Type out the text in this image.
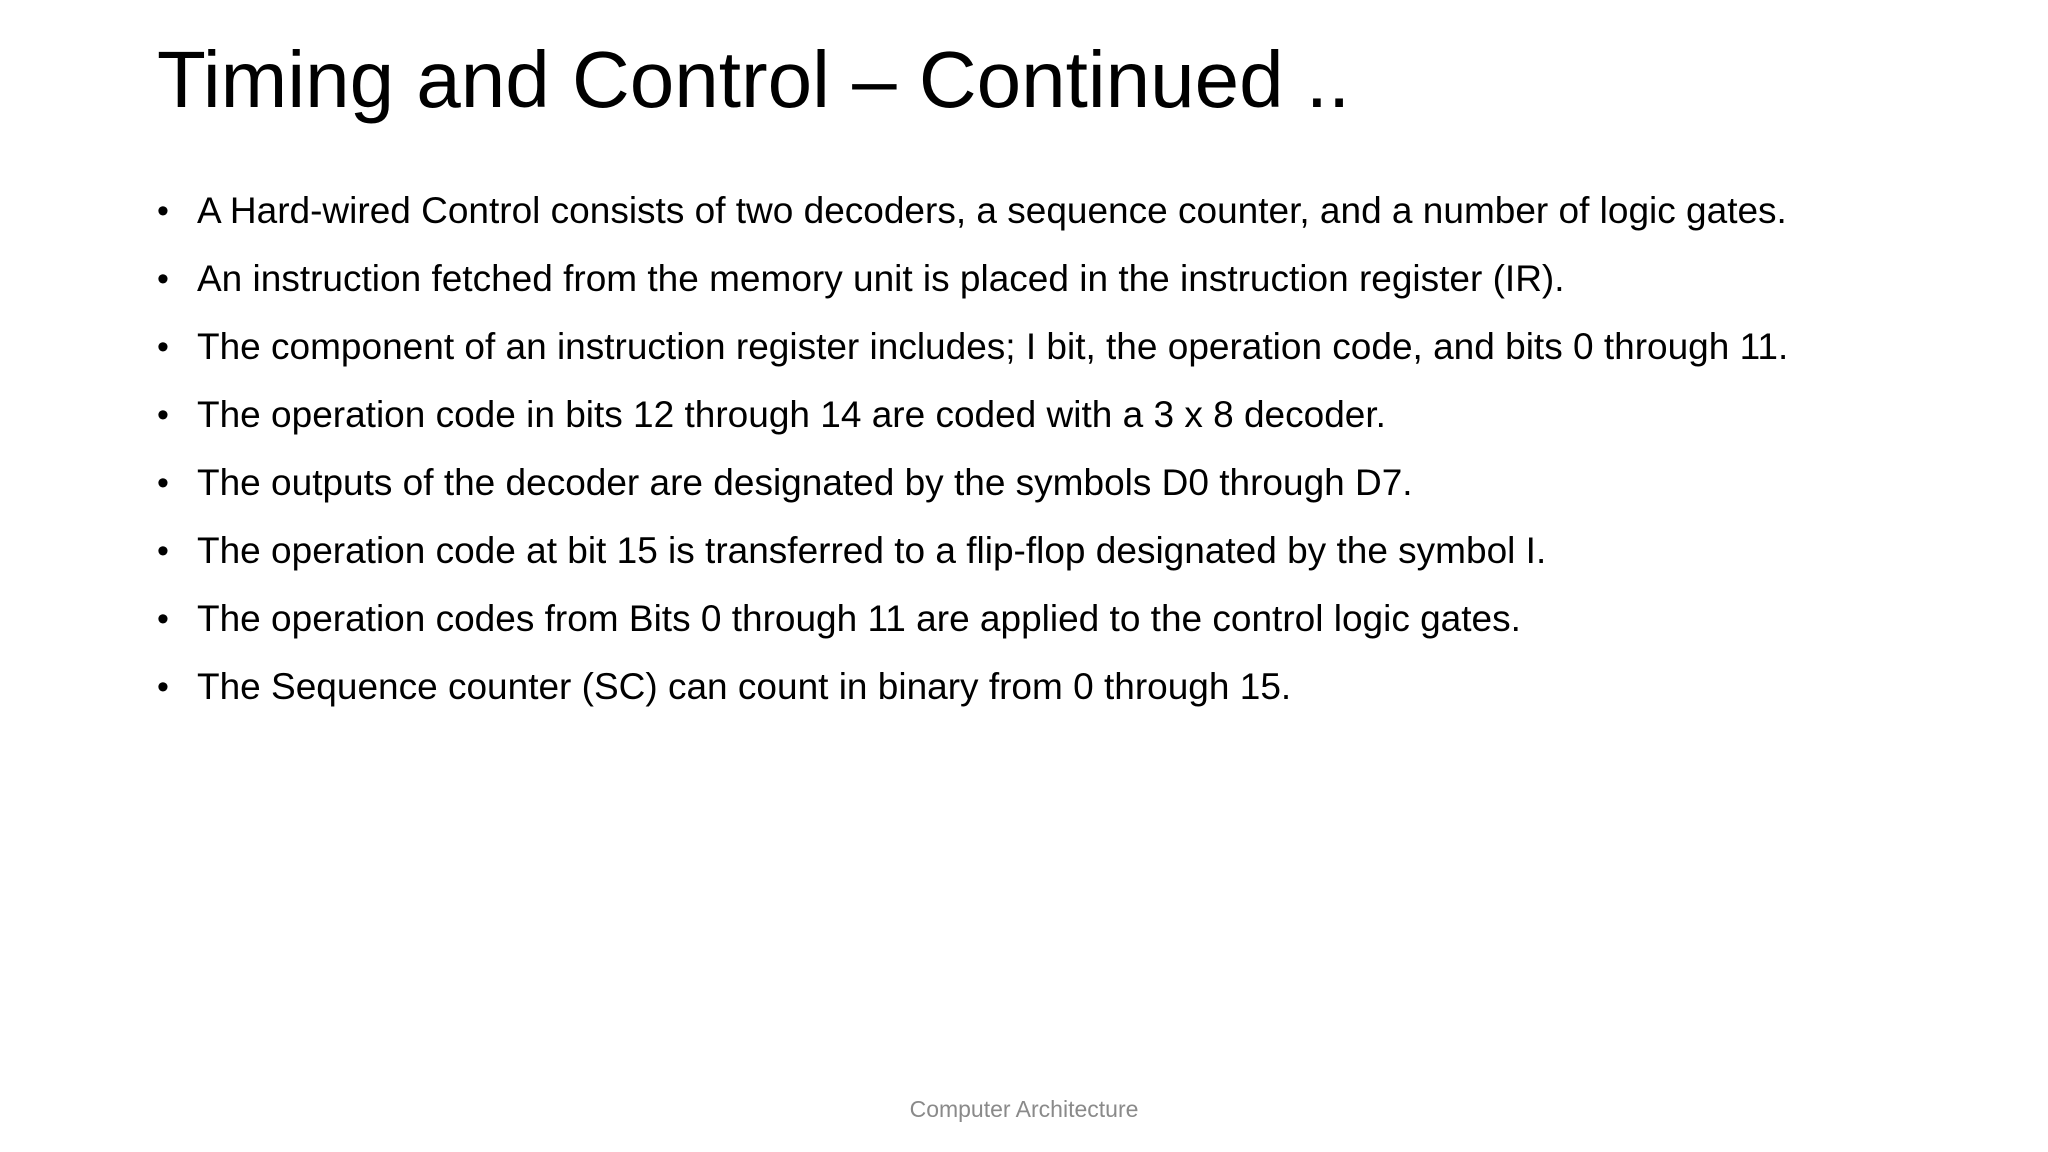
Timing and Control – Continued ..
• A Hard-wired Control consists of two decoders, a sequence counter, and a number of logic gates.
• An instruction fetched from the memory unit is placed in the instruction register (IR).
• The component of an instruction register includes; I bit, the operation code, and bits 0 through 11.
• The operation code in bits 12 through 14 are coded with a 3 x 8 decoder.
• The outputs of the decoder are designated by the symbols D0 through D7.
• The operation code at bit 15 is transferred to a flip-flop designated by the symbol I.
• The operation codes from Bits 0 through 11 are applied to the control logic gates.
• The Sequence counter (SC) can count in binary from 0 through 15.
Computer Architecture
